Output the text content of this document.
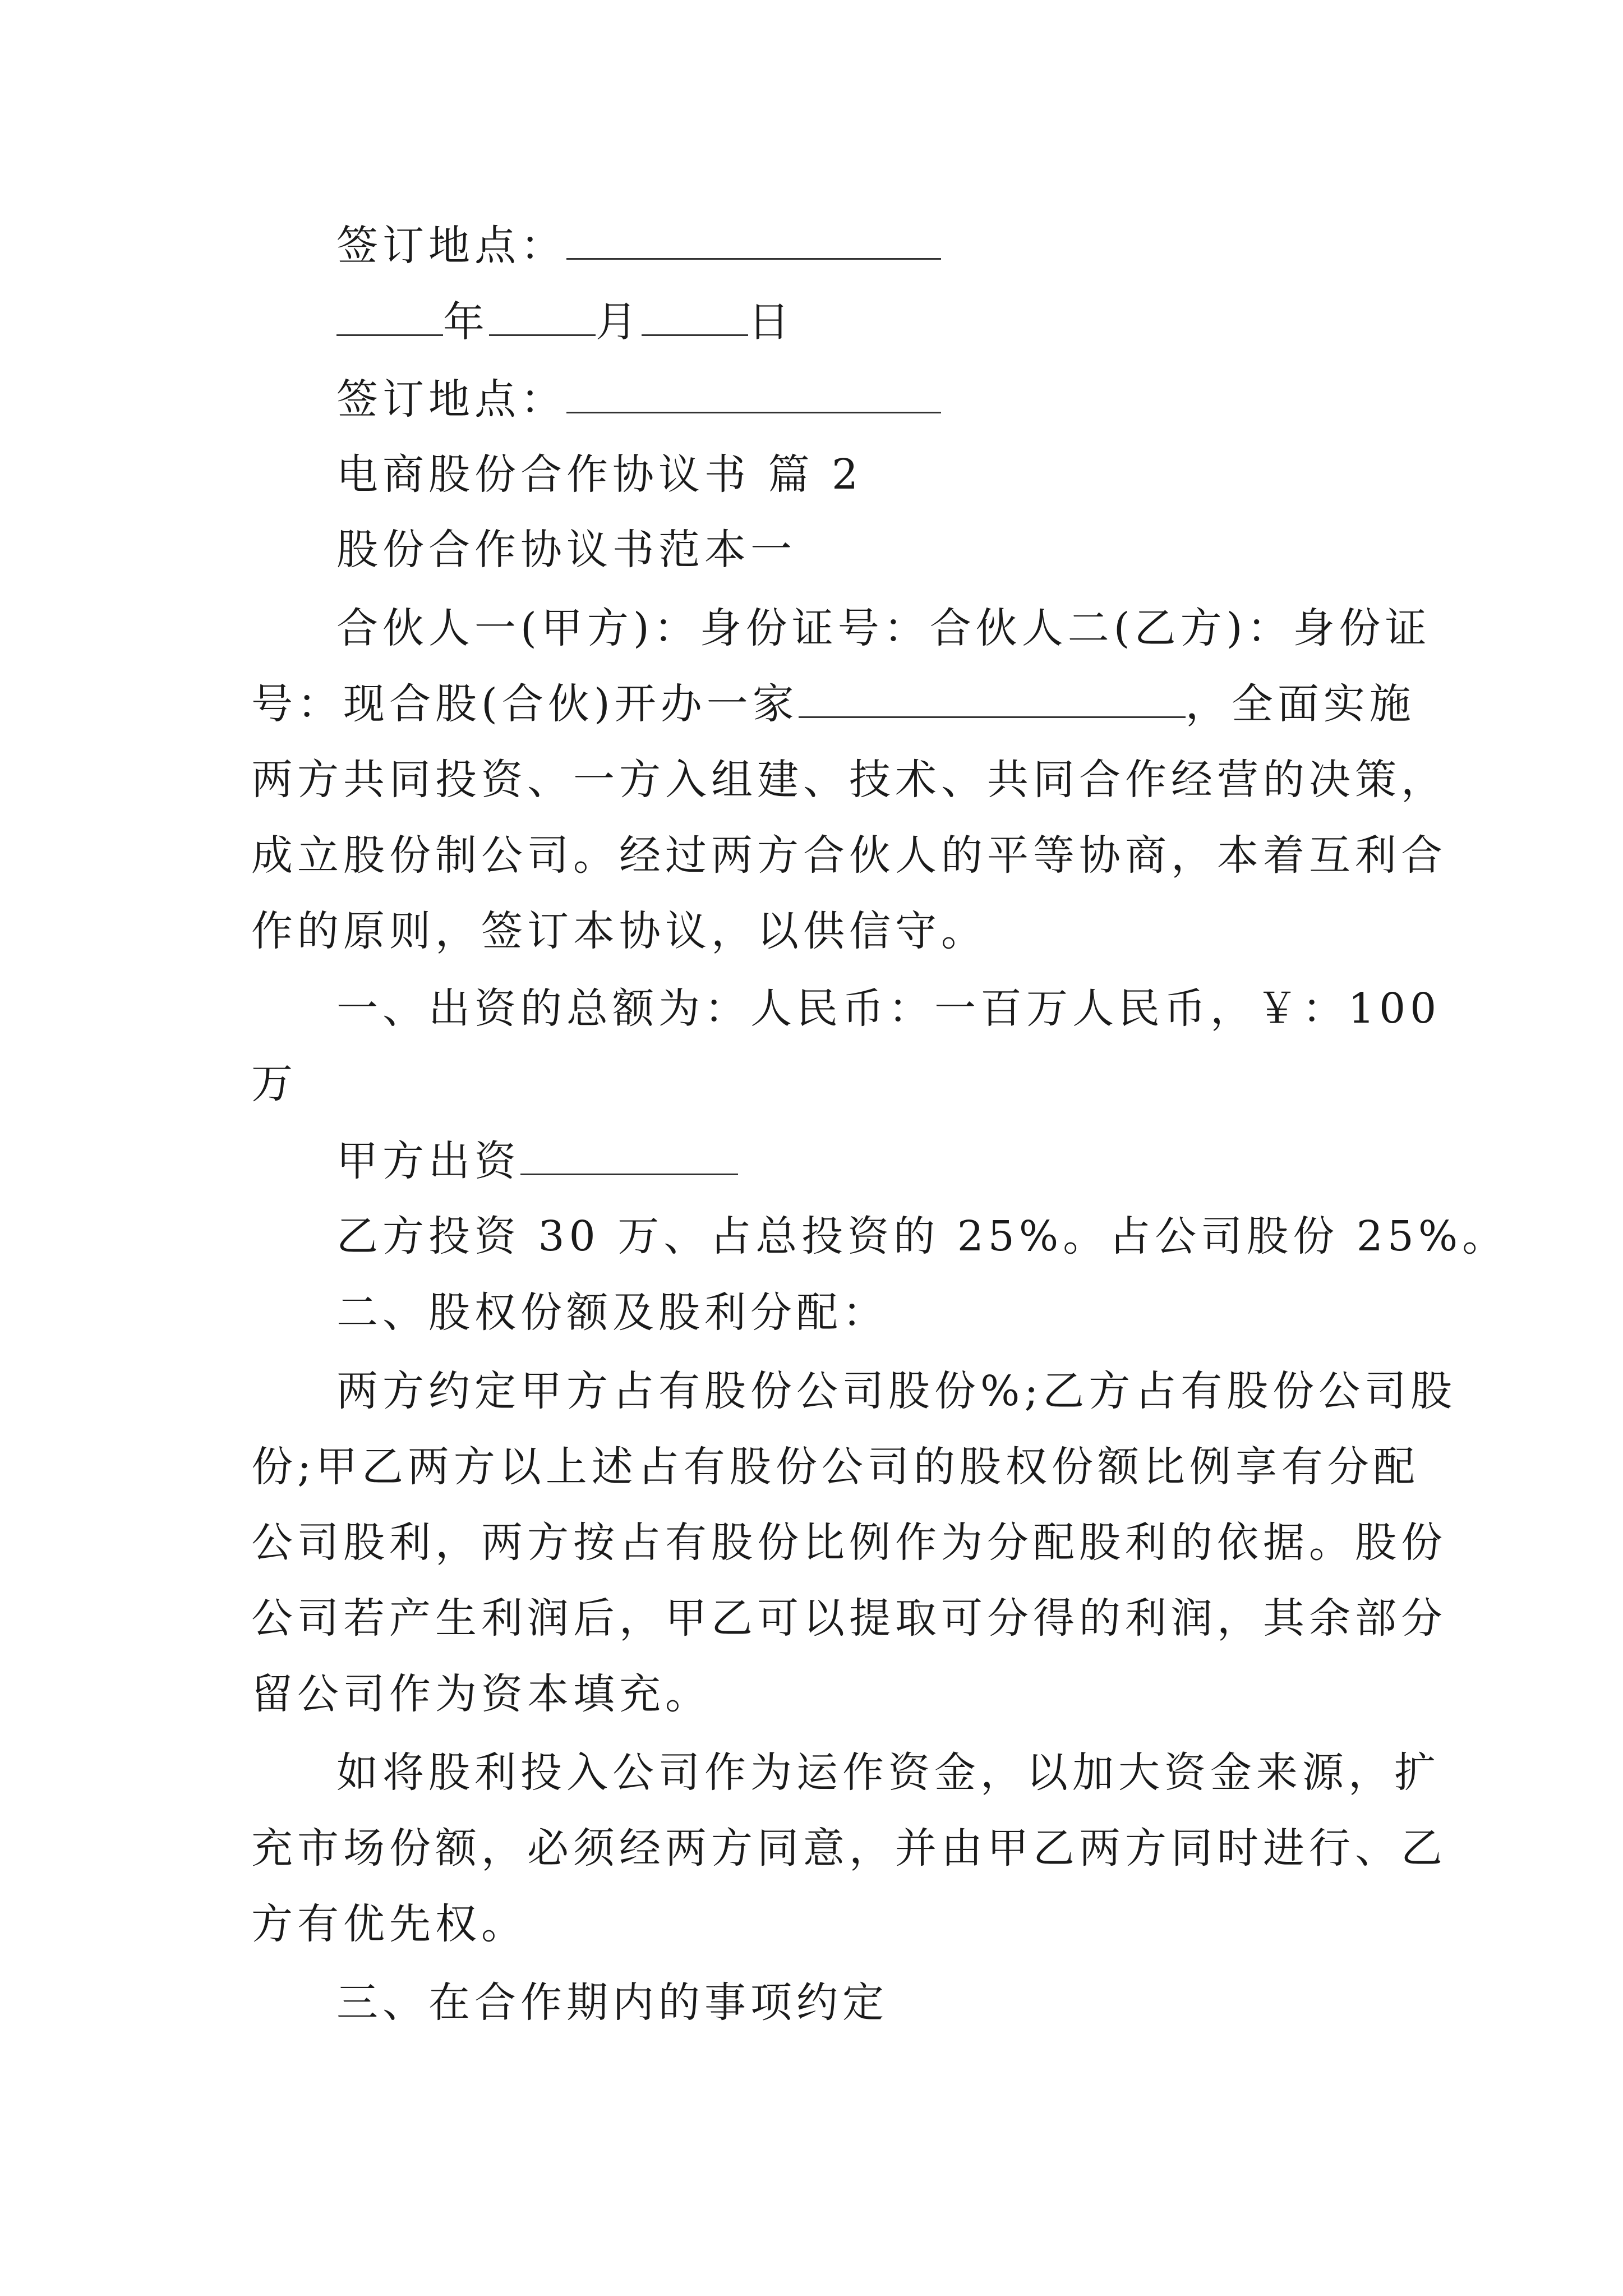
签订地点：
年	月	日
签订地点：
电商股份合作协议书 篇 2
股份合作协议书范本一
合伙人一(甲方)：身份证号：合伙人二(乙方)：身份证
号：现合股(合伙)开办一家	，全面实施
两方共同投资、一方入组建、技术、共同合作经营的决策，
成立股份制公司。经过两方合伙人的平等协商，本着互利合
作的原则，签订本协议，以供信守。
一、出资的总额为：人民币：一百万人民币，￥：100
万
甲方出资
乙方投资 30 万、占总投资的 25%。占公司股份 25%。
二、股权份额及股利分配：
两方约定甲方占有股份公司股份%;乙方占有股份公司股
份;甲乙两方以上述占有股份公司的股权份额比例享有分配
公司股利，两方按占有股份比例作为分配股利的依据。股份
公司若产生利润后，甲乙可以提取可分得的利润，其余部分
留公司作为资本填充。
如将股利投入公司作为运作资金，以加大资金来源，扩
充市场份额，必须经两方同意，并由甲乙两方同时进行、乙
方有优先权。
三、在合作期内的事项约定
